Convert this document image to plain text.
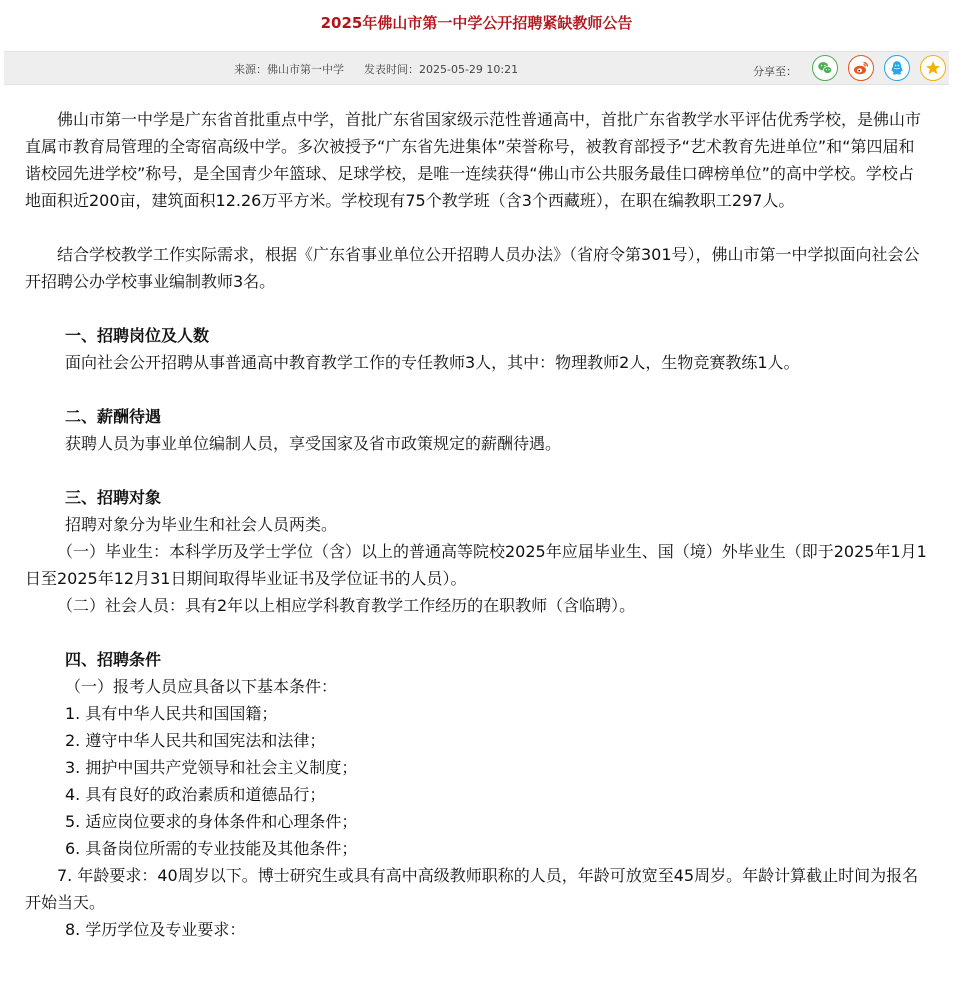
2025年佛山市第一中学公开招聘紧缺教师公告
来源：佛山市第一中学 发表时间：2025-05-29 10:21	分享至：

佛山市第一中学是广东省首批重点中学，首批广东省国家级示范性普通高中，首批广东省教学水平评估优秀学校，是佛山市直属市教育局管理的全寄宿高级中学。多次被授予“广东省先进集体”荣誉称号，被教育部授予“艺术教育先进单位”和“第四届和谐校园先进学校”称号，是全国青少年篮球、足球学校，是唯一连续获得“佛山市公共服务最佳口碑榜单位”的高中学校。学校占地面积近200亩，建筑面积12.26万平方米。学校现有75个教学班（含3个西藏班），在职在编教职工297人。

结合学校教学工作实际需求，根据《广东省事业单位公开招聘人员办法》（省府令第301号），佛山市第一中学拟面向社会公开招聘公办学校事业编制教师3名。

一、招聘岗位及人数

面向社会公开招聘从事普通高中教育教学工作的专任教师3人，其中：物理教师2人，生物竞赛教练1人。

二、薪酬待遇

获聘人员为事业单位编制人员，享受国家及省市政策规定的薪酬待遇。

三、招聘对象

招聘对象分为毕业生和社会人员两类。

（一）毕业生：本科学历及学士学位（含）以上的普通高等院校2025年应届毕业生、国（境）外毕业生（即于2025年1月1日至2025年12月31日期间取得毕业证书及学位证书的人员）。

（二）社会人员：具有2年以上相应学科教育教学工作经历的在职教师（含临聘）。

四、招聘条件

（一）报考人员应具备以下基本条件：

1. 具有中华人民共和国国籍；

2. 遵守中华人民共和国宪法和法律；

3. 拥护中国共产党领导和社会主义制度；

4. 具有良好的政治素质和道德品行；

5. 适应岗位要求的身体条件和心理条件；

6. 具备岗位所需的专业技能及其他条件；

7. 年龄要求：40周岁以下。博士研究生或具有高中高级教师职称的人员，年龄可放宽至45周岁。年龄计算截止时间为报名开始当天。

8. 学历学位及专业要求：
